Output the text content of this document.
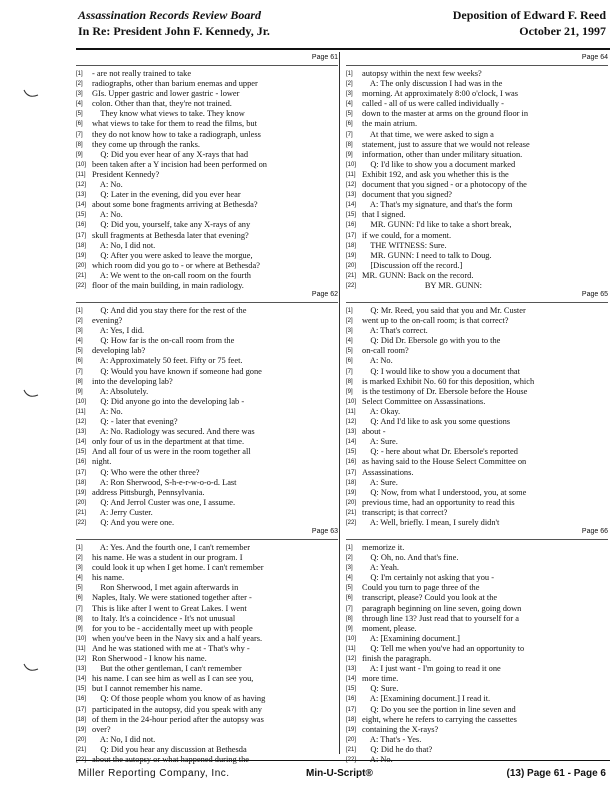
Assassination Records Review Board
In Re: President John F. Kennedy, Jr.
Deposition of Edward F. Reed
October 21, 1997
Page 61
[1] - are not really trained to take
[2] radiographs, other than barium enemas and upper
[3] GIs. Upper gastric and lower gastric - lower
[4] colon. Other than that, they're not trained.
[5]    They know what views to take. They know
[6] what views to take for them to read the films, but
[7] they do not know how to take a radiograph, unless
[8] they come up through the ranks.
[9]    Q: Did you ever hear of any X-rays that had
[10] been taken after a Y incision had been performed on
[11] President Kennedy?
[12]    A: No.
[13]    Q: Later in the evening, did you ever hear
[14] about some bone fragments arriving at Bethesda?
[15]    A: No.
[16]    Q: Did you, yourself, take any X-rays of any
[17] skull fragments at Bethesda later that evening?
[18]    A: No, I did not.
[19]    Q: After you were asked to leave the morgue,
[20] which room did you go to - or where at Bethesda?
[21]    A: We went to the on-call room on the fourth
[22] floor of the main building, in main radiology.
Page 64
[1] autopsy within the next few weeks?
[2]    A: The only discussion I had was in the
[3] morning. At approximately 8:00 o'clock, I was
[4] called - all of us were called individually -
[5] down to the master at arms on the ground floor in
[6] the main atrium.
[7]    At that time, we were asked to sign a
[8] statement, just to assure that we would not release
[9] information, other than under military situation.
[10]    Q: I'd like to show you a document marked
[11] Exhibit 192, and ask you whether this is the
[12] document that you signed - or a photocopy of the
[13] document that you signed?
[14]    A: That's my signature, and that's the form
[15] that I signed.
[16]    MR. GUNN: I'd like to take a short break,
[17] if we could, for a moment.
[18]    THE WITNESS: Sure.
[19]    MR. GUNN: I need to talk to Doug.
[20]    [Discussion off the record.]
[21] MR. GUNN: Back on the record.
[22]                              BY MR. GUNN:
Page 62
[1]    Q: And did you stay there for the rest of the
[2] evening?
[3]    A: Yes, I did.
[4]    Q: How far is the on-call room from the
[5] developing lab?
[6]    A: Approximately 50 feet. Fifty or 75 feet.
[7]    Q: Would you have known if someone had gone
[8] into the developing lab?
[9]    A: Absolutely.
[10]    Q: Did anyone go into the developing lab -
[11]    A: No.
[12]    Q: - later that evening?
[13]    A: No. Radiology was secured. And there was
[14] only four of us in the department at that time.
[15] And all four of us were in the room together all
[16] night.
[17]    Q: Who were the other three?
[18]    A: Ron Sherwood, S-h-e-r-w-o-o-d. Last
[19] address Pittsburgh, Pennsylvania.
[20]    Q: And Jerrol Custer was one, I assume.
[21]    A: Jerry Custer.
[22]    Q: And you were one.
Page 65
[1]    Q: Mr. Reed, you said that you and Mr. Custer
[2] went up to the on-call room; is that correct?
[3]    A: That's correct.
[4]    Q: Did Dr. Ebersole go with you to the
[5] on-call room?
[6]    A: No.
[7]    Q: I would like to show you a document that
[8] is marked Exhibit No. 60 for this deposition, which
[9] is the testimony of Dr. Ebersole before the House
[10] Select Committee on Assassinations.
[11]    A: Okay.
[12]    Q: And I'd like to ask you some questions
[13] about -
[14]    A: Sure.
[15]    Q: - here about what Dr. Ebersole's reported
[16] as having said to the House Select Committee on
[17] Assassinations.
[18]    A: Sure.
[19]    Q: Now, from what I understood, you, at some
[20] previous time, had an opportunity to read this
[21] transcript; is that correct?
[22]    A: Well, briefly. I mean, I surely didn't
Page 63
[1]    A: Yes. And the fourth one, I can't remember
[2] his name. He was a student in our program. I
[3] could look it up when I get home. I can't remember
[4] his name.
[5]    Ron Sherwood, I met again afterwards in
[6] Naples, Italy. We were stationed together after -
[7] This is like after I went to Great Lakes. I went
[8] to Italy. It's a coincidence - It's not unusual
[9] for you to be - accidentally meet up with people
[10] when you've been in the Navy six and a half years.
[11] And he was stationed with me at - That's why -
[12] Ron Sherwood - I know his name.
[13]    But the other gentleman, I can't remember
[14] his name. I can see him as well as I can see you,
[15] but I cannot remember his name.
[16]    Q: Of those people whom you know of as having
[17] participated in the autopsy, did you speak with any
[18] of them in the 24-hour period after the autopsy was
[19] over?
[20]    A: No, I did not.
[21]    Q: Did you hear any discussion at Bethesda
[22] about the autopsy or what happened during the
Page 66
[1] memorize it.
[2]    Q: Oh, no. And that's fine.
[3]    A: Yeah.
[4]    Q: I'm certainly not asking that you -
[5] Could you turn to page three of the
[6] transcript, please? Could you look at the
[7] paragraph beginning on line seven, going down
[8] through line 13? Just read that to yourself for a
[9] moment, please.
[10]    A: [Examining document.]
[11]    Q: Tell me when you've had an opportunity to
[12] finish the paragraph.
[13]    A: I just want - I'm going to read it one
[14] more time.
[15]    Q: Sure.
[16]    A: [Examining document.] I read it.
[17]    Q: Do you see the portion in line seven and
[18] eight, where he refers to carrying the cassettes
[19] containing the X-rays?
[20]    A: That's - Yes.
[21]    Q: Did he do that?
[22]    A: No.
Miller Reporting Company, Inc.	Min-U-Script®	(13) Page 61 - Page 6
